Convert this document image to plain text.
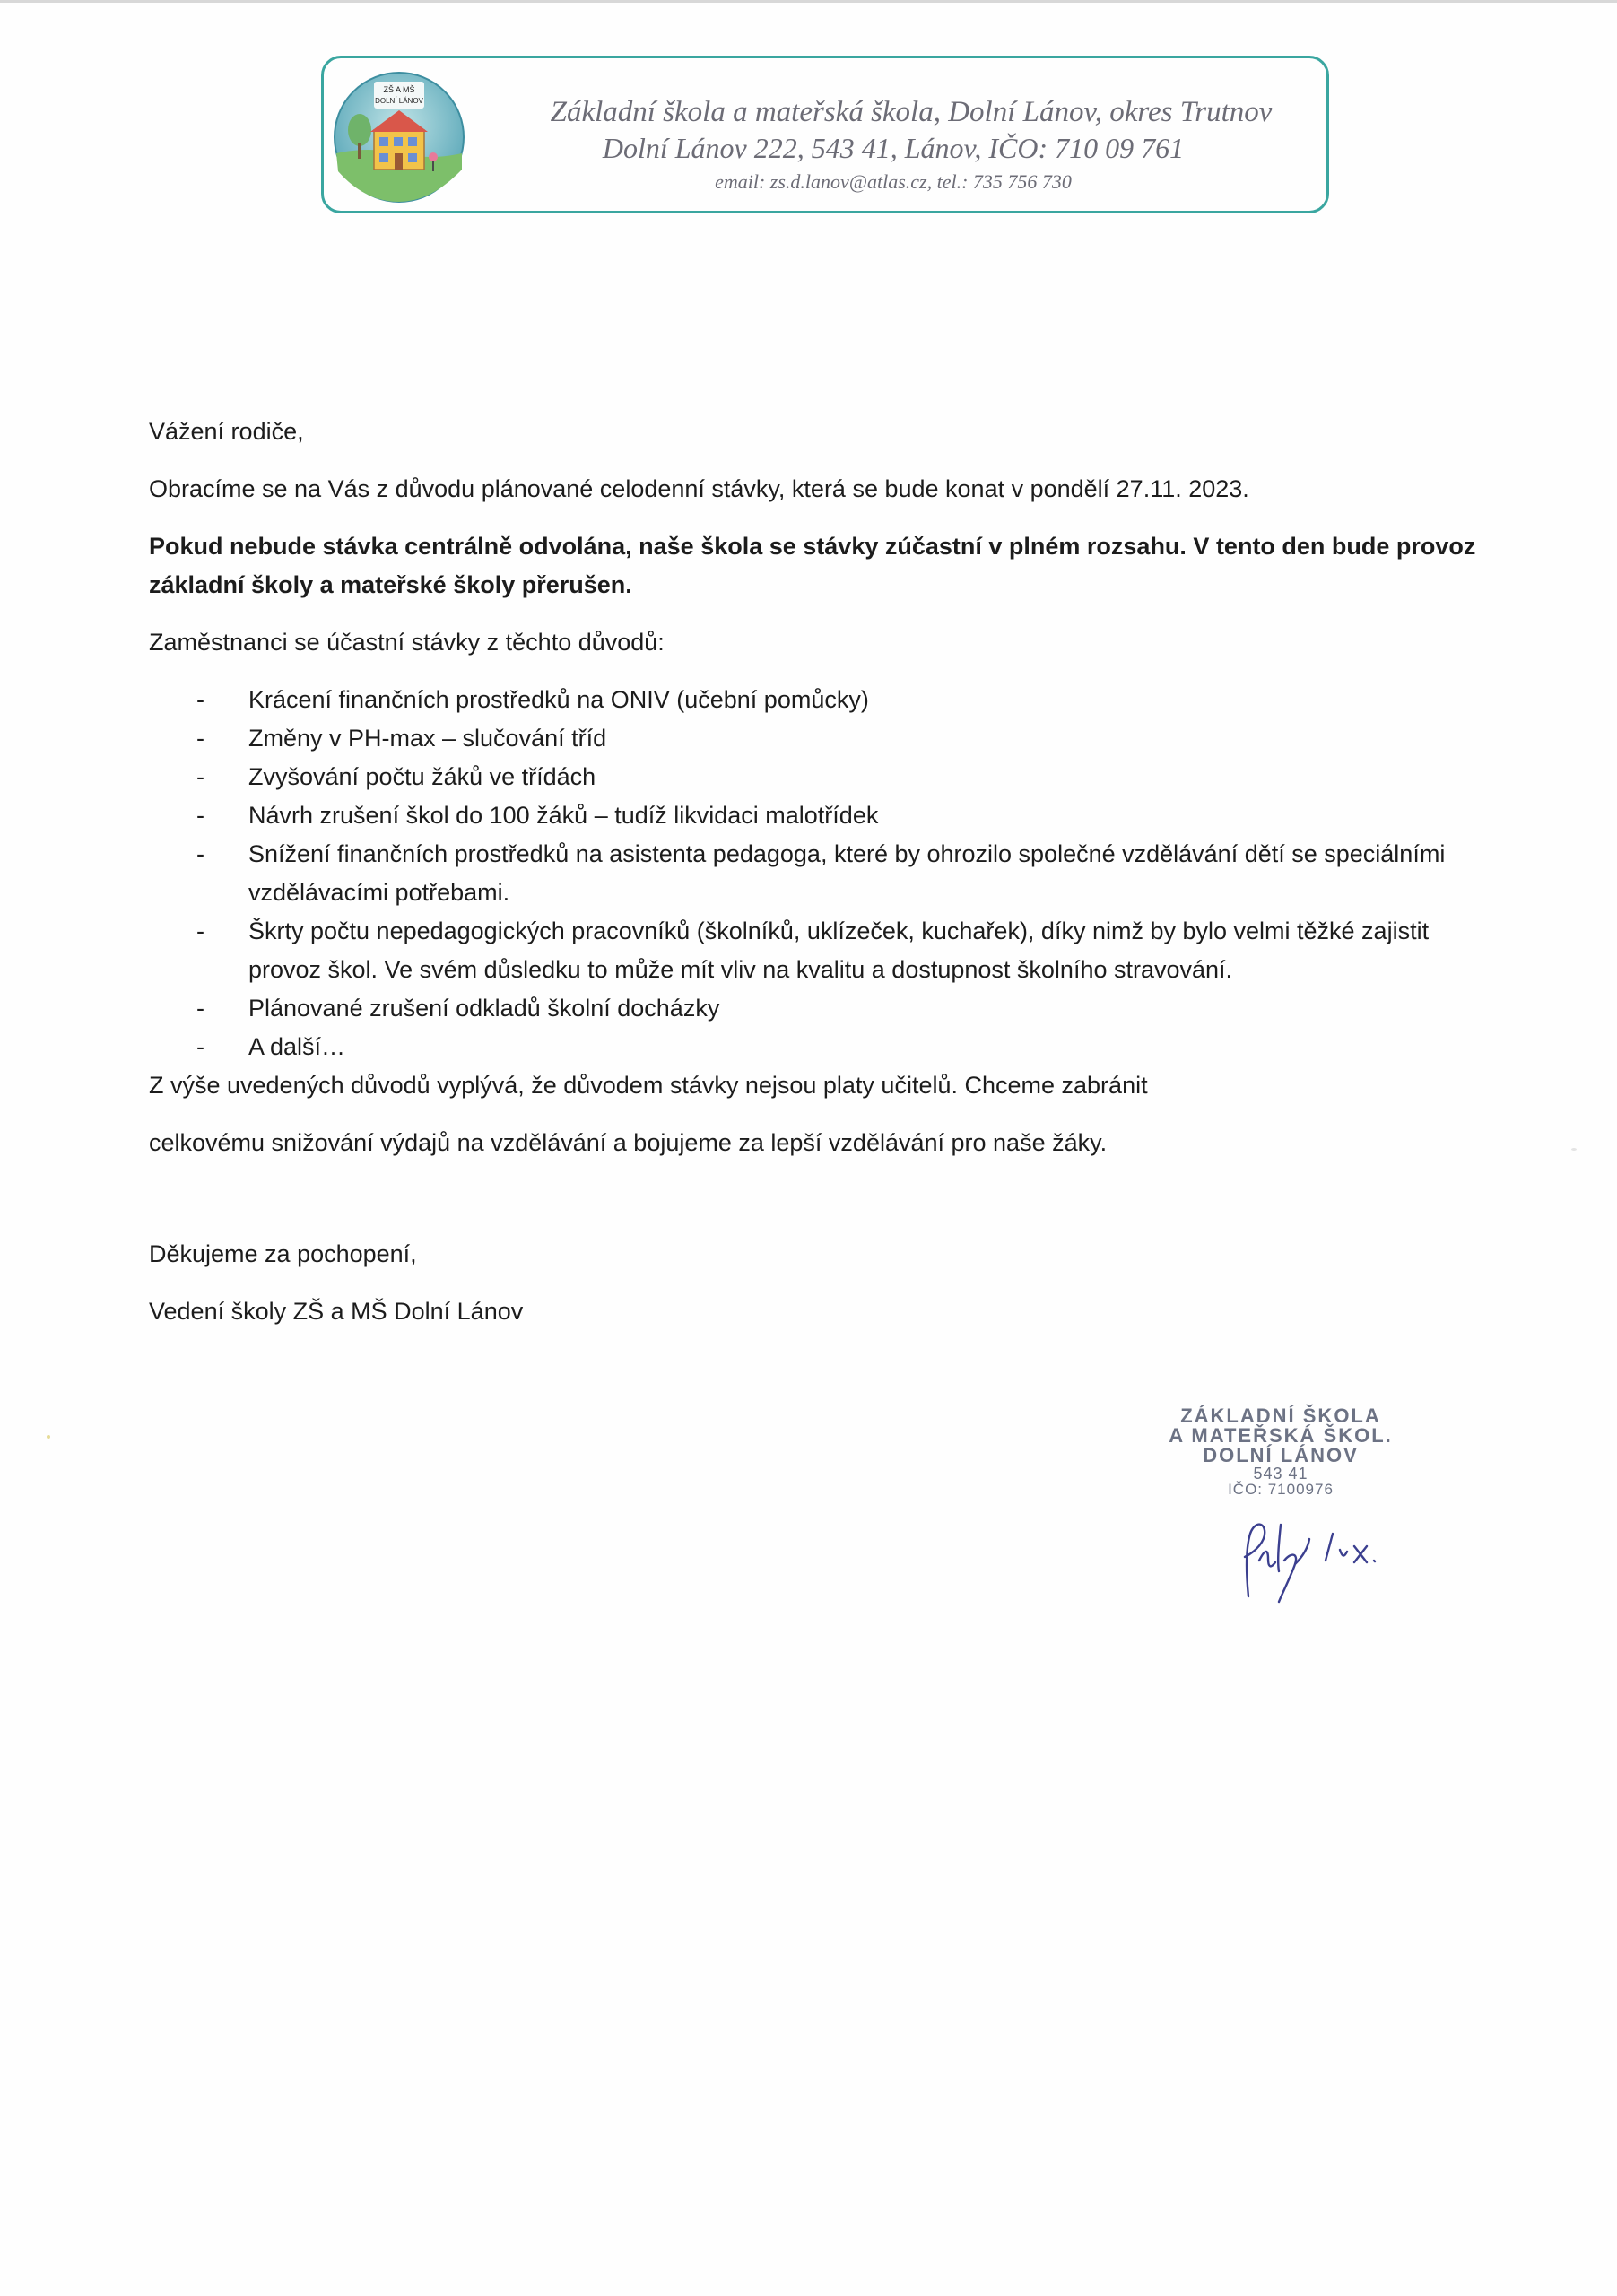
ZŠ A MŠ
DOLNÍ LÁNOV	Základní škola a mateřská škola, Dolní Lánov, okres Trutnov
Dolní Lánov 222, 543 41, Lánov, IČO: 710 09 761
email: zs.d.lanov@atlas.cz, tel.: 735 756 730

Vážení rodiče,

Obracíme se na Vás z důvodu plánované celodenní stávky, která se bude konat v pondělí 27.11. 2023.

Pokud nebude stávka centrálně odvolána, naše škola se stávky zúčastní v plném rozsahu. V tento den bude provoz základní školy a mateřské školy přerušen.

Zaměstnanci se účastní stávky z těchto důvodů:

- Krácení finančních prostředků na ONIV (učební pomůcky)
- Změny v PH-max – slučování tříd
- Zvyšování počtu žáků ve třídách
- Návrh zrušení škol do 100 žáků – tudíž likvidaci malotřídek
- Snížení finančních prostředků na asistenta pedagoga, které by ohrozilo společné vzdělávání dětí se speciálními vzdělávacími potřebami.
- Škrty počtu nepedagogických pracovníků (školníků, uklízeček, kuchařek), díky nimž by bylo velmi těžké zajistit provoz škol. Ve svém důsledku to může mít vliv na kvalitu a dostupnost školního stravování.
- Plánované zrušení odkladů školní docházky
- A další…

Z výše uvedených důvodů vyplývá, že důvodem stávky nejsou platy učitelů. Chceme zabránit

celkovému snižování výdajů na vzdělávání a bojujeme za lepší vzdělávání pro naše žáky.

Děkujeme za pochopení,

Vedení školy ZŠ a MŠ Dolní Lánov

ZÁKLADNÍ ŠKOLA
A MATEŘSKÁ ŠKOL.
DOLNÍ LÁNOV
543 41
IČO: 7100976
